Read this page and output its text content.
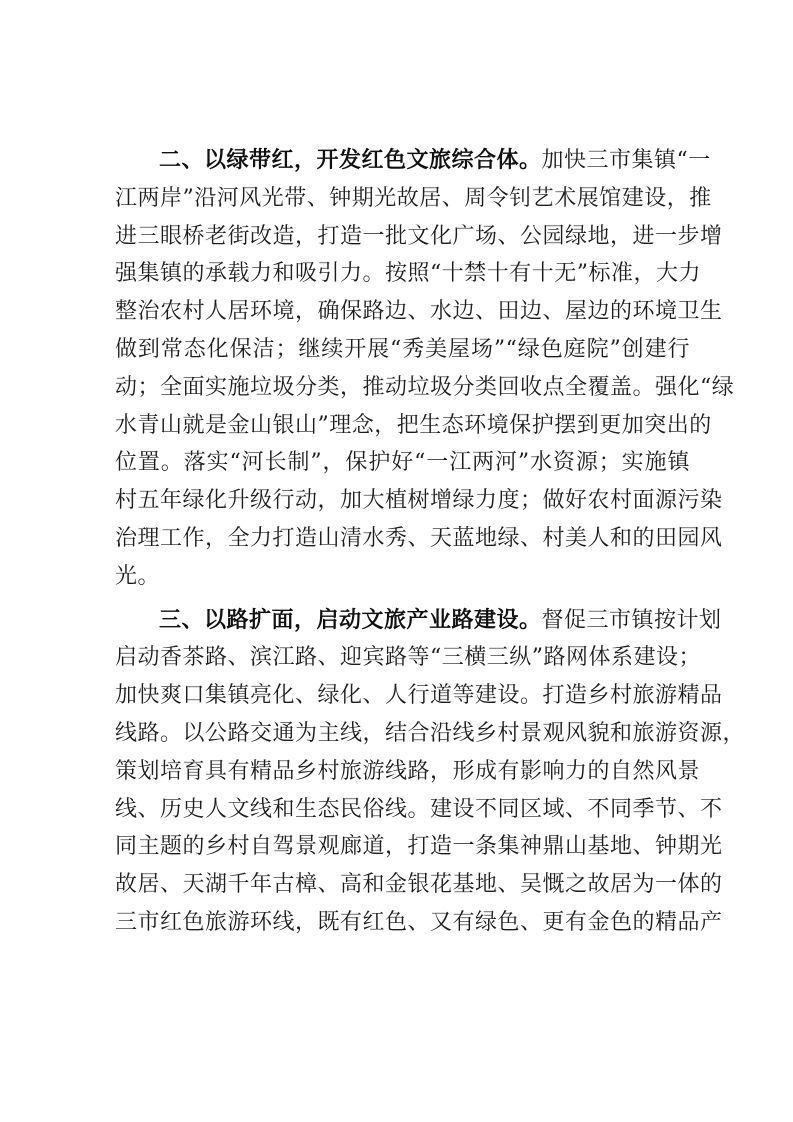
二、以绿带红，开发红色文旅综合体。加快三市集镇“一
江两岸”沿河风光带、钟期光故居、周令钊艺术展馆建设，推
进三眼桥老街改造，打造一批文化广场、公园绿地，进一步增
强集镇的承载力和吸引力。按照“十禁十有十无”标准，大力
整治农村人居环境，确保路边、水边、田边、屋边的环境卫生
做到常态化保洁；继续开展“秀美屋场”“绿色庭院”创建行
动；全面实施垃圾分类，推动垃圾分类回收点全覆盖。强化“绿
水青山就是金山银山”理念，把生态环境保护摆到更加突出的
位置。落实“河长制”，保护好“一江两河”水资源；实施镇
村五年绿化升级行动，加大植树增绿力度；做好农村面源污染
治理工作，全力打造山清水秀、天蓝地绿、村美人和的田园风
光。
三、以路扩面，启动文旅产业路建设。督促三市镇按计划
启动香茶路、滨江路、迎宾路等“三横三纵”路网体系建设；
加快爽口集镇亮化、绿化、人行道等建设。打造乡村旅游精品
线路。以公路交通为主线，结合沿线乡村景观风貌和旅游资源，
策划培育具有精品乡村旅游线路，形成有影响力的自然风景
线、历史人文线和生态民俗线。建设不同区域、不同季节、不
同主题的乡村自驾景观廊道，打造一条集神鼎山基地、钟期光
故居、天湖千年古樟、高和金银花基地、吴慨之故居为一体的
三市红色旅游环线，既有红色、又有绿色、更有金色的精品产
